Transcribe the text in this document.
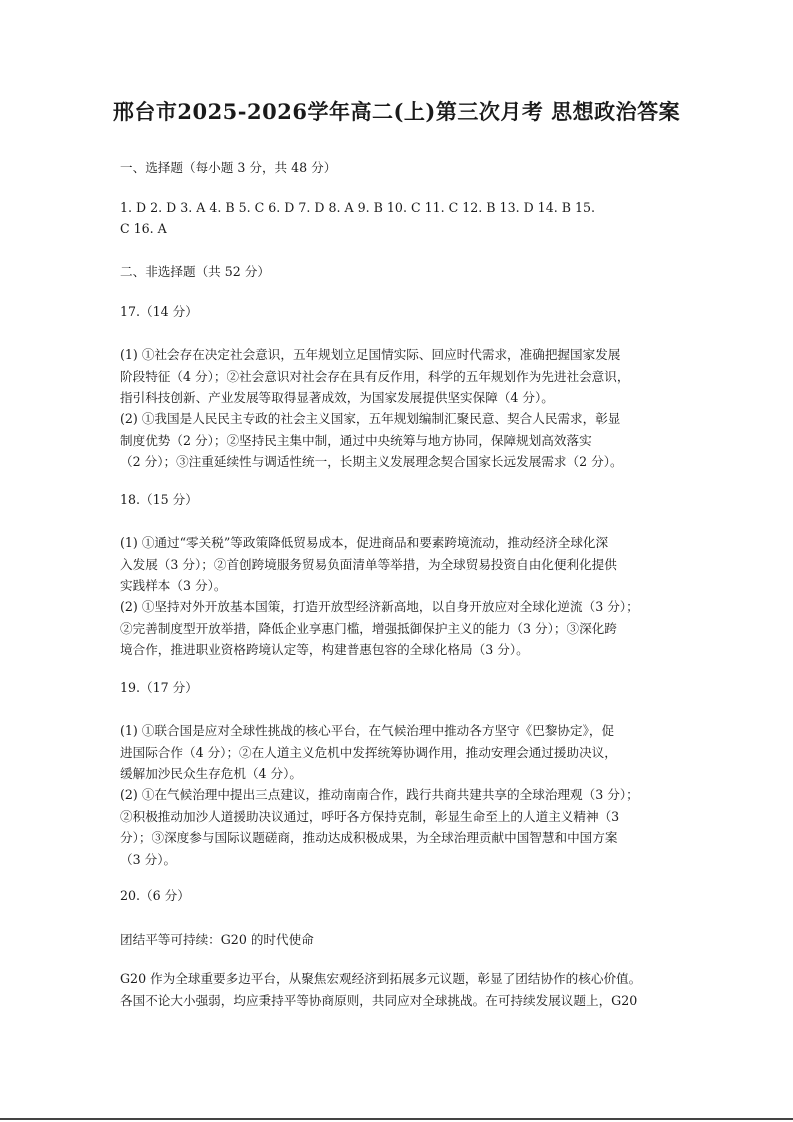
邢台市2025-2026学年高二(上)第三次月考 思想政治答案
一、选择题（每小题 3 分，共 48 分）
1. D 2. D 3. A 4. B 5. C 6. D 7. D 8. A 9. B 10. C 11. C 12. B 13. D 14. B 15.
C 16. A
二、非选择题（共 52 分）
17.（14 分）
(1) ①社会存在决定社会意识，五年规划立足国情实际、回应时代需求，准确把握国家发展
阶段特征（4 分）；②社会意识对社会存在具有反作用，科学的五年规划作为先进社会意识，
指引科技创新、产业发展等取得显著成效，为国家发展提供坚实保障（4 分）。
(2) ①我国是人民民主专政的社会主义国家，五年规划编制汇聚民意、契合人民需求，彰显
制度优势（2 分）；②坚持民主集中制，通过中央统筹与地方协同，保障规划高效落实
（2 分）；③注重延续性与调适性统一，长期主义发展理念契合国家长远发展需求（2 分）。
18.（15 分）
(1) ①通过“零关税”等政策降低贸易成本，促进商品和要素跨境流动，推动经济全球化深
入发展（3 分）；②首创跨境服务贸易负面清单等举措，为全球贸易投资自由化便利化提供
实践样本（3 分）。
(2) ①坚持对外开放基本国策，打造开放型经济新高地，以自身开放应对全球化逆流（3 分）；
②完善制度型开放举措，降低企业享惠门槛，增强抵御保护主义的能力（3 分）；③深化跨
境合作，推进职业资格跨境认定等，构建普惠包容的全球化格局（3 分）。
19.（17 分）
(1) ①联合国是应对全球性挑战的核心平台，在气候治理中推动各方坚守《巴黎协定》，促
进国际合作（4 分）；②在人道主义危机中发挥统筹协调作用，推动安理会通过援助决议，
缓解加沙民众生存危机（4 分）。
(2) ①在气候治理中提出三点建议，推动南南合作，践行共商共建共享的全球治理观（3 分）；
②积极推动加沙人道援助决议通过，呼吁各方保持克制，彰显生命至上的人道主义精神（3
分）；③深度参与国际议题磋商，推动达成积极成果，为全球治理贡献中国智慧和中国方案
（3 分）。
20.（6 分）
团结平等可持续：G20 的时代使命
G20 作为全球重要多边平台，从聚焦宏观经济到拓展多元议题，彰显了团结协作的核心价值。
各国不论大小强弱，均应秉持平等协商原则，共同应对全球挑战。在可持续发展议题上，G20
